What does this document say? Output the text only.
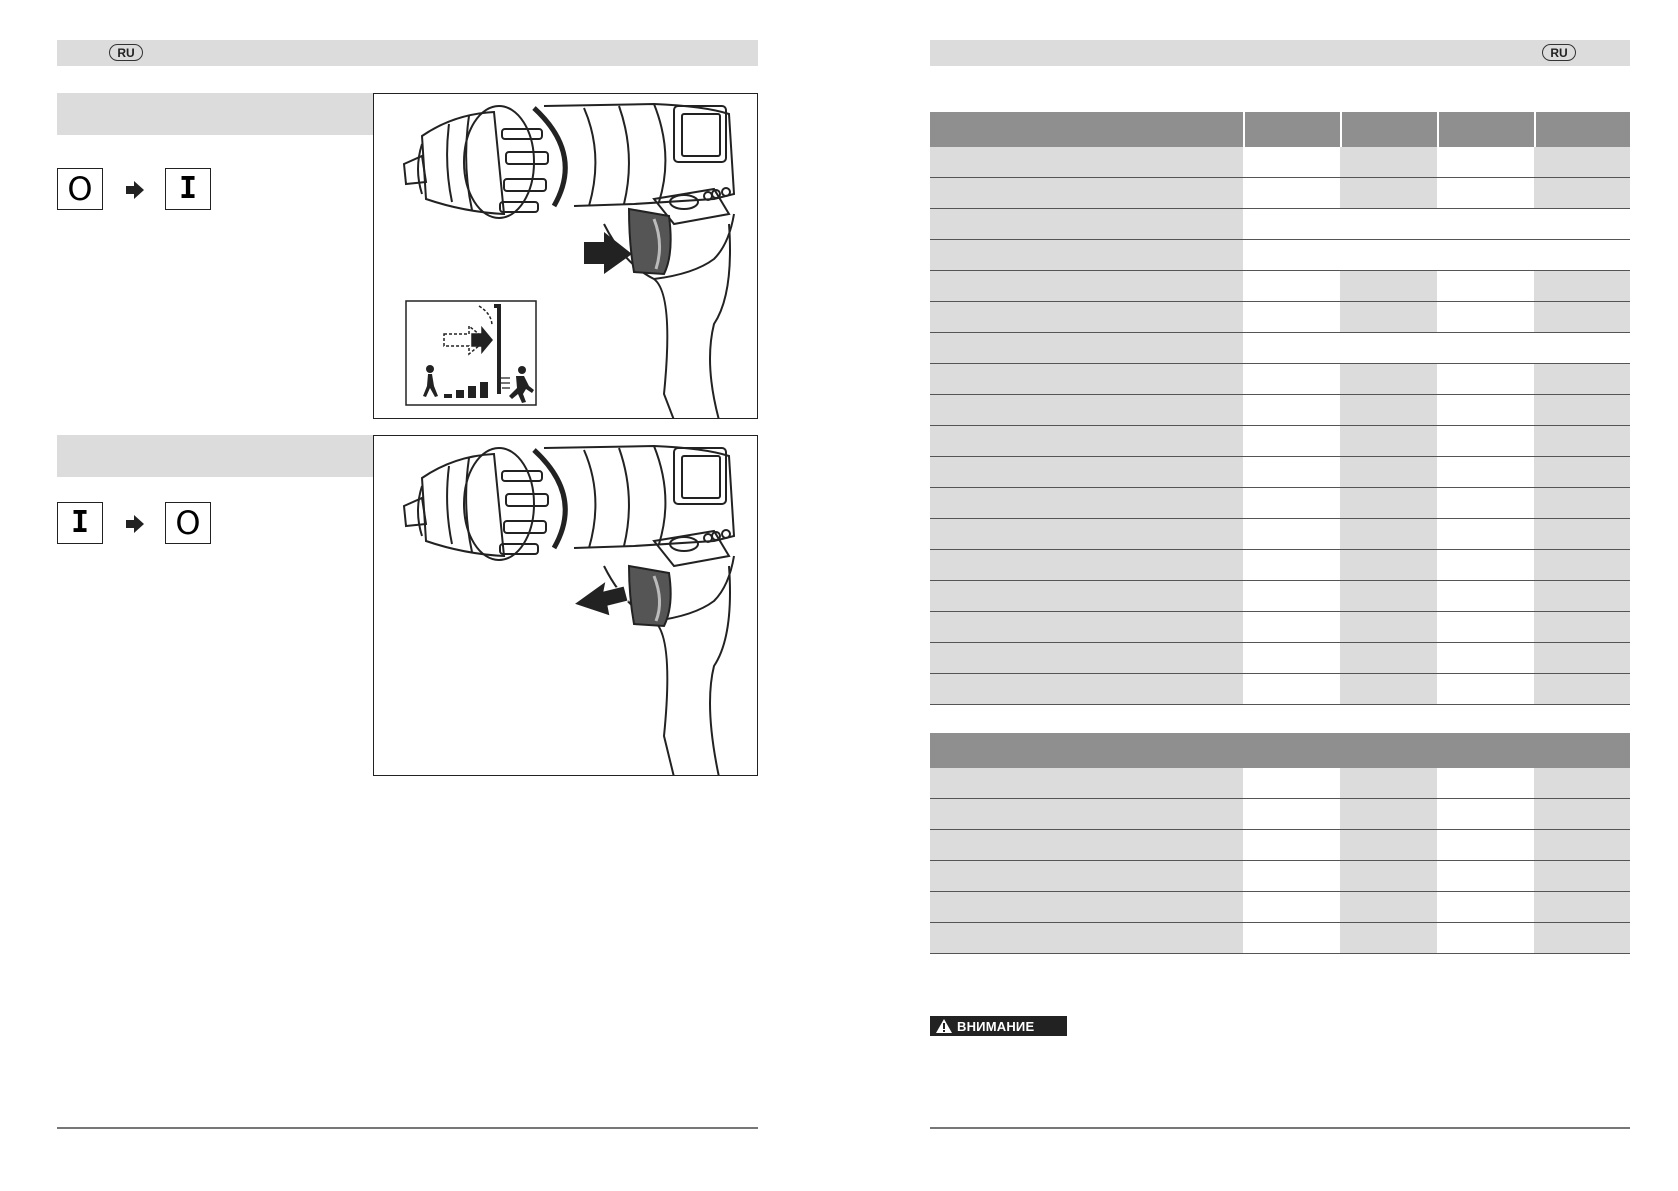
RU
O	I
I	O
RU
ВНИМАНИЕ
